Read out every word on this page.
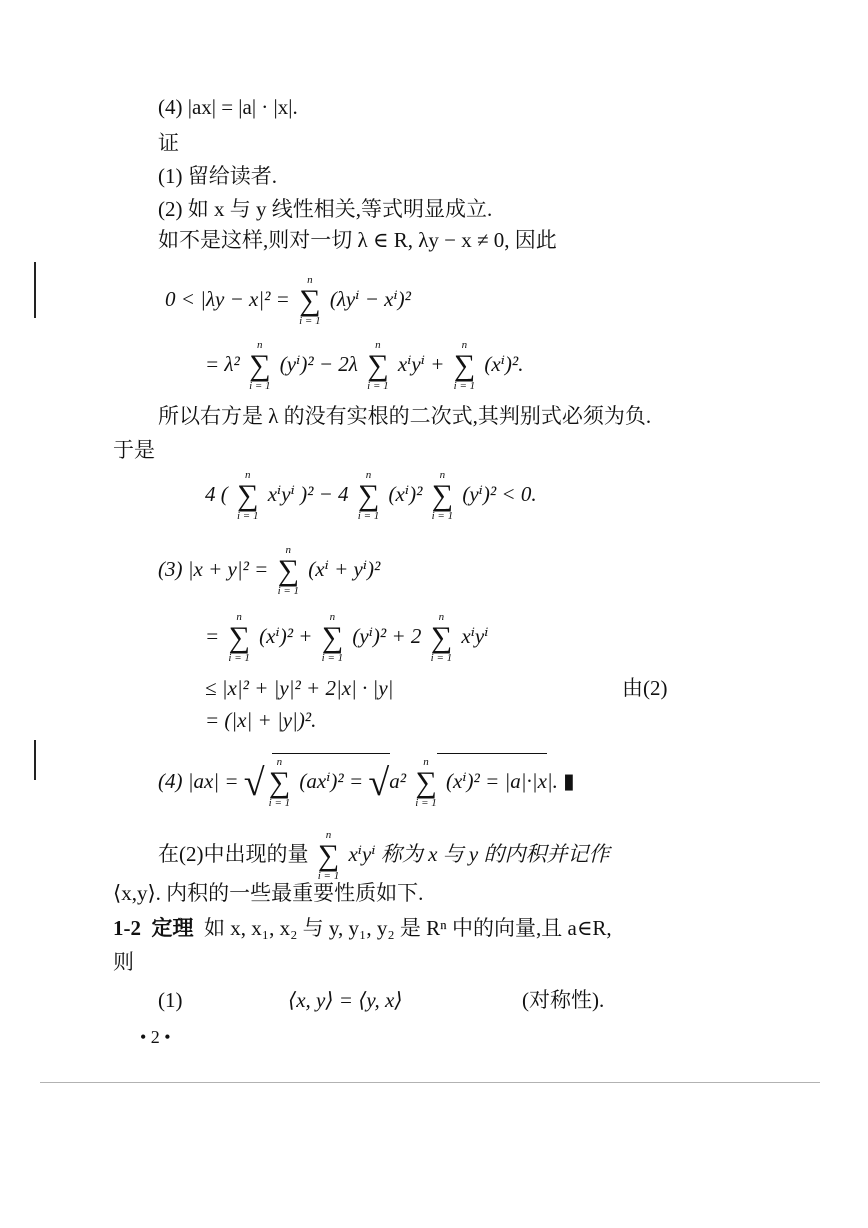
(4) |ax| = |a| · |x|.
证
(1) 留给读者.
(2) 如 x 与 y 线性相关,等式明显成立.
如不是这样,则对一切 λ ∈ R, λy − x ≠ 0, 因此
0 < |λy − x|² =
n
∑
i = 1
(λyⁱ − xⁱ)²
= λ²
n
∑
i = 1
(yⁱ)² − 2λ
n
∑
i = 1
xⁱyⁱ +
n
∑
i = 1
(xⁱ)².
所以右方是 λ 的没有实根的二次式,其判别式必须为负.
于是
4 (
n
∑
i = 1
xⁱyⁱ )² − 4
n
∑
i = 1
(xⁱ)²
n
∑
i = 1
(yⁱ)² < 0.
(3) |x + y|² =
n
∑
i = 1
(xⁱ + yⁱ)²
=
n
∑
i = 1
(xⁱ)² +
n
∑
i = 1
(yⁱ)² + 2
n
∑
i = 1
xⁱyⁱ
≤ |x|² + |y|² + 2|x| · |y|	由(2)
= (|x| + |y|)².
(4) |ax| = √ n
∑
i = 1
(axⁱ)² = √a²
n
∑
i = 1
(xⁱ)² = |a|·|x|. ▮
在(2)中出现的量
n
∑
i = 1
xⁱyⁱ 称为 x 与 y 的内积并记作
⟨x,y⟩. 内积的一些最重要性质如下.
1-2 定理 如 x, x₁, x₂ 与 y, y₁, y₂ 是 Rⁿ 中的向量,且 a∈R,
则
(1)	⟨x, y⟩ = ⟨y, x⟩	(对称性).
• 2 •
